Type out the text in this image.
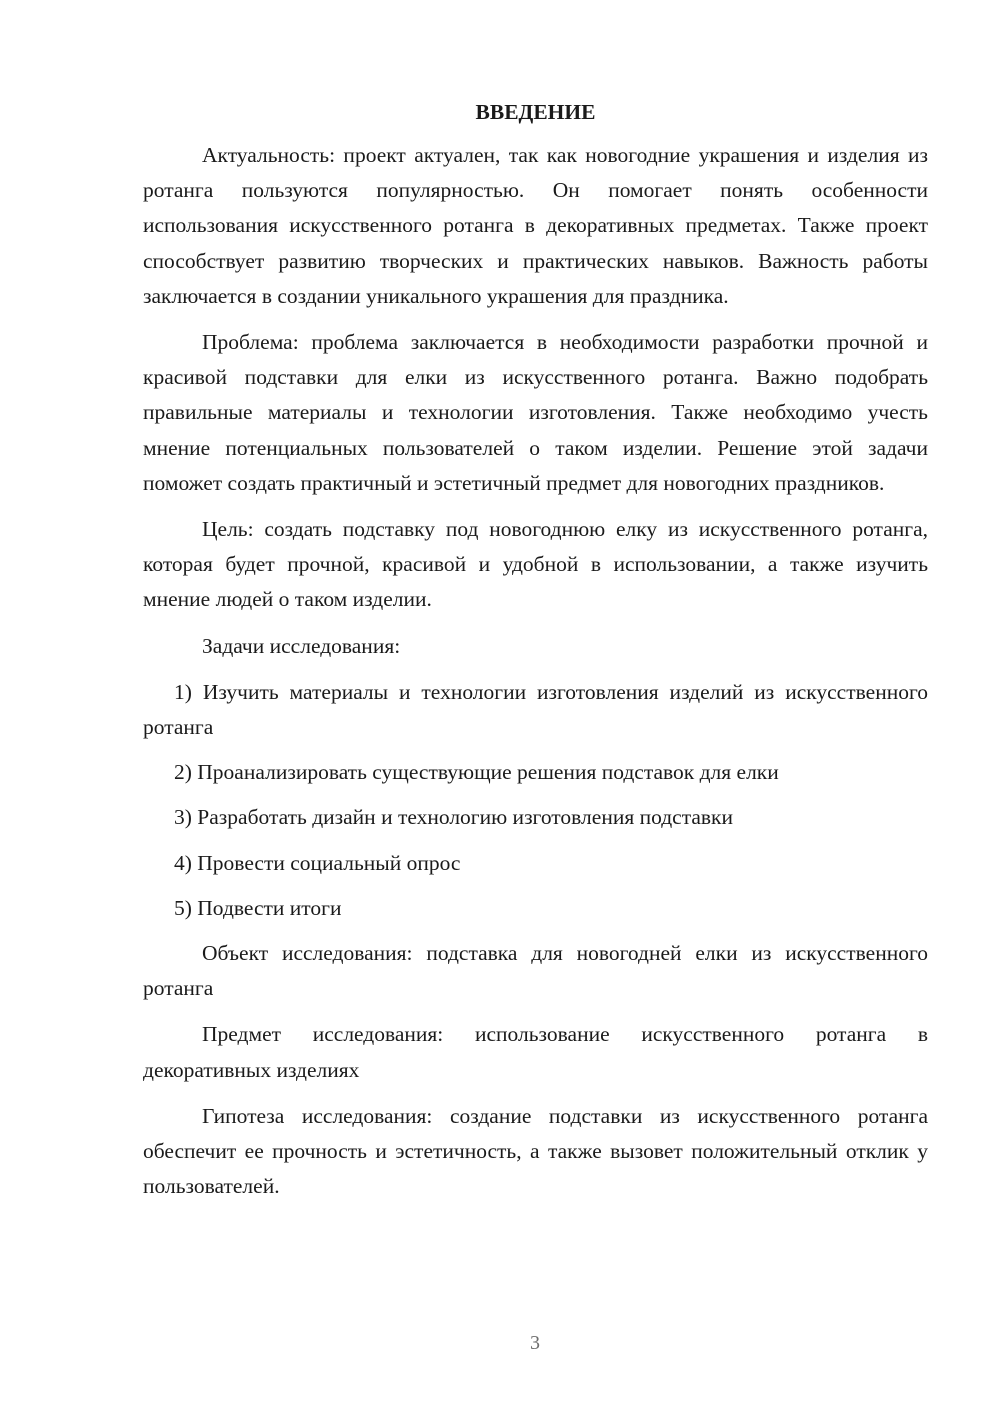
ВВЕДЕНИЕ

Актуальность: проект актуален, так как новогодние украшения и изделия из ротанга пользуются популярностью. Он помогает понять особенности использования искусственного ротанга в декоративных предметах. Также проект способствует развитию творческих и практических навыков. Важность работы заключается в создании уникального украшения для праздника.

Проблема: проблема заключается в необходимости разработки прочной и красивой подставки для елки из искусственного ротанга. Важно подобрать правильные материалы и технологии изготовления. Также необходимо учесть мнение потенциальных пользователей о таком изделии. Решение этой задачи поможет создать практичный и эстетичный предмет для новогодних праздников.

Цель: создать подставку под новогоднюю елку из искусственного ротанга, которая будет прочной, красивой и удобной в использовании, а также изучить мнение людей о таком изделии.

Задачи исследования:

1) Изучить материалы и технологии изготовления изделий из искусственного ротанга

2) Проанализировать существующие решения подставок для елки

3) Разработать дизайн и технологию изготовления подставки

4) Провести социальный опрос

5) Подвести итоги

Объект исследования: подставка для новогодней елки из искусственного ротанга

Предмет исследования: использование искусственного ротанга в декоративных изделиях

Гипотеза исследования: создание подставки из искусственного ротанга обеспечит ее прочность и эстетичность, а также вызовет положительный отклик у пользователей.

3
